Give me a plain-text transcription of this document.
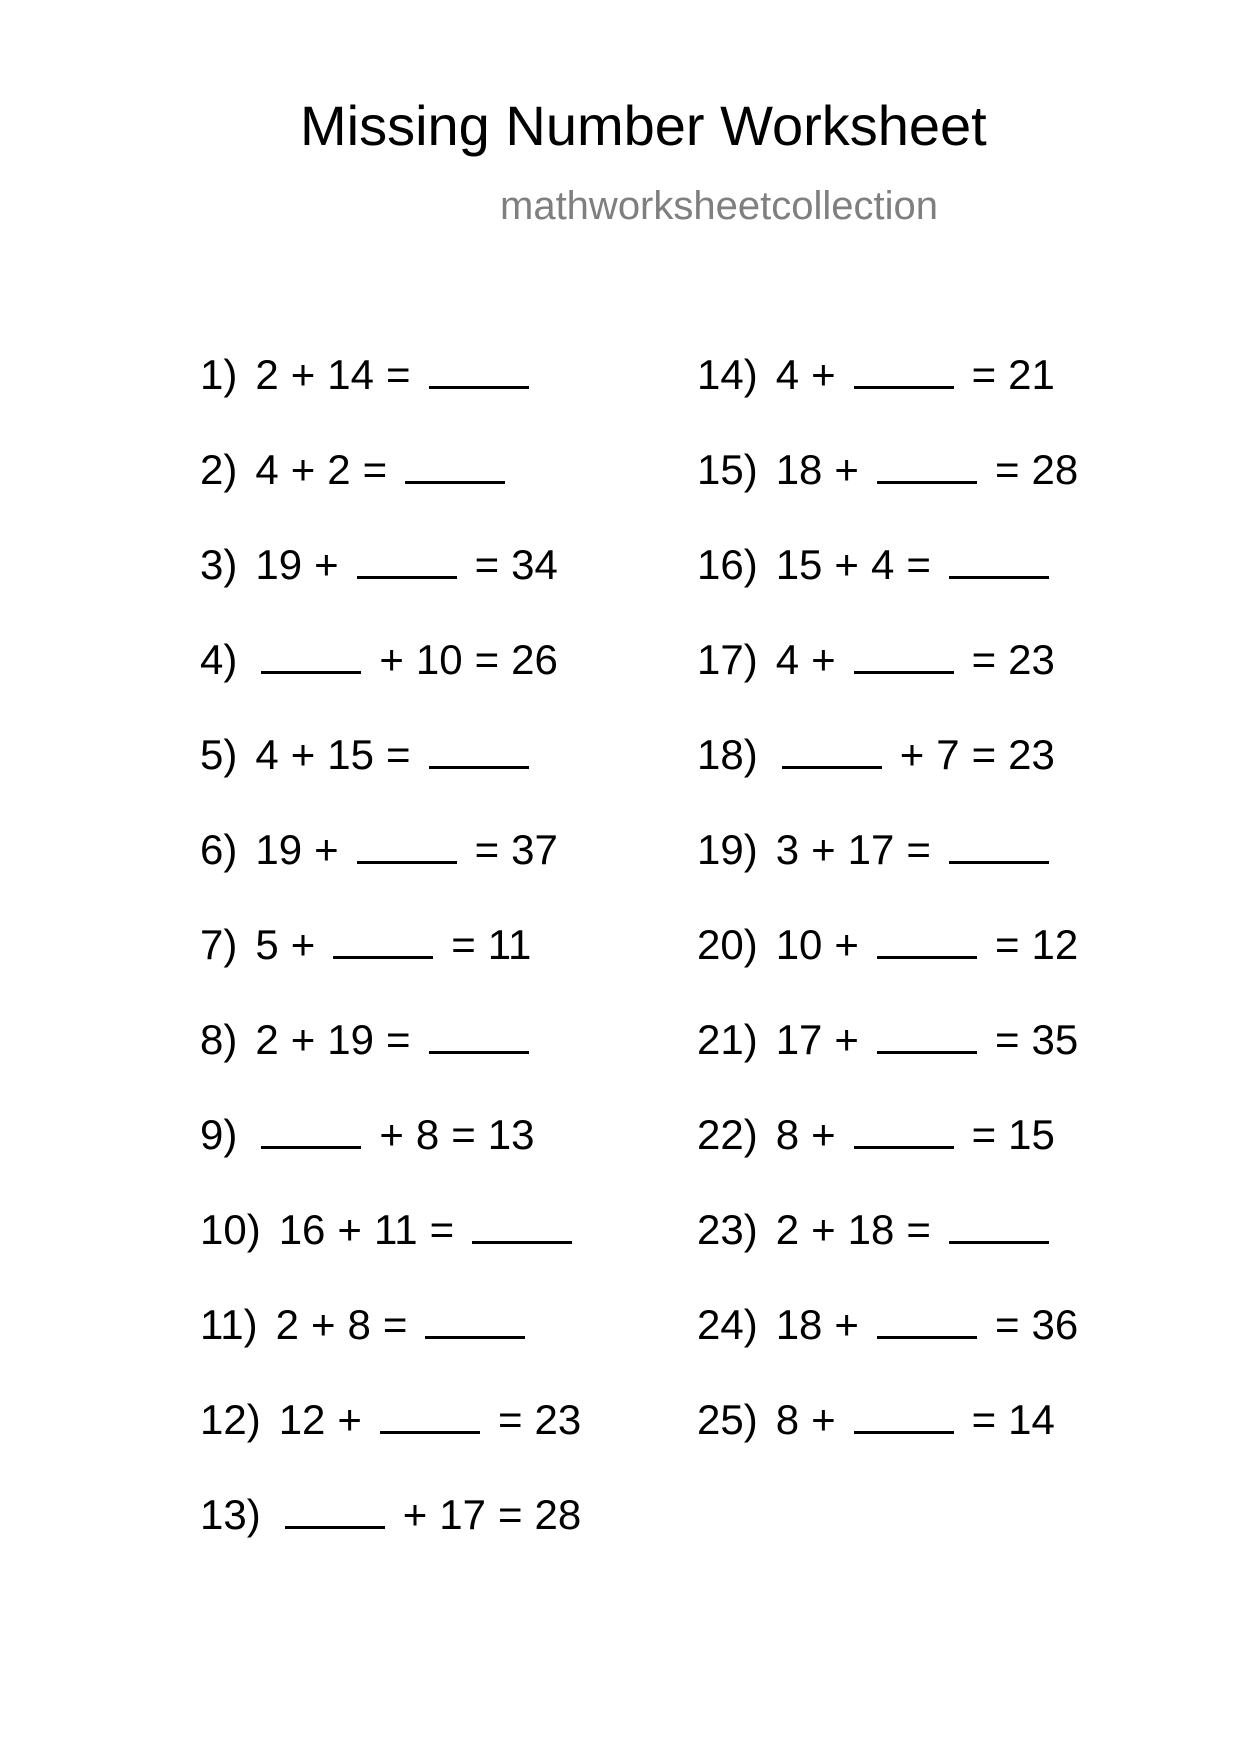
Missing Number Worksheet
mathworksheetcollection
1) 2 + 14 =
2) 4 + 2 =
3) 19 +	= 34
4)	+ 10 = 26
5) 4 + 15 =
6) 19 +	= 37
7) 5 +	= 11
8) 2 + 19 =
9)	+ 8 = 13
10) 16 + 11 =
11) 2 + 8 =
12) 12 +	= 23
13)	+ 17 = 28
14) 4 +	= 21
15) 18 +	= 28
16) 15 + 4 =
17) 4 +	= 23
18)	+ 7 = 23
19) 3 + 17 =
20) 10 +	= 12
21) 17 +	= 35
22) 8 +	= 15
23) 2 + 18 =
24) 18 +	= 36
25) 8 +	= 14
